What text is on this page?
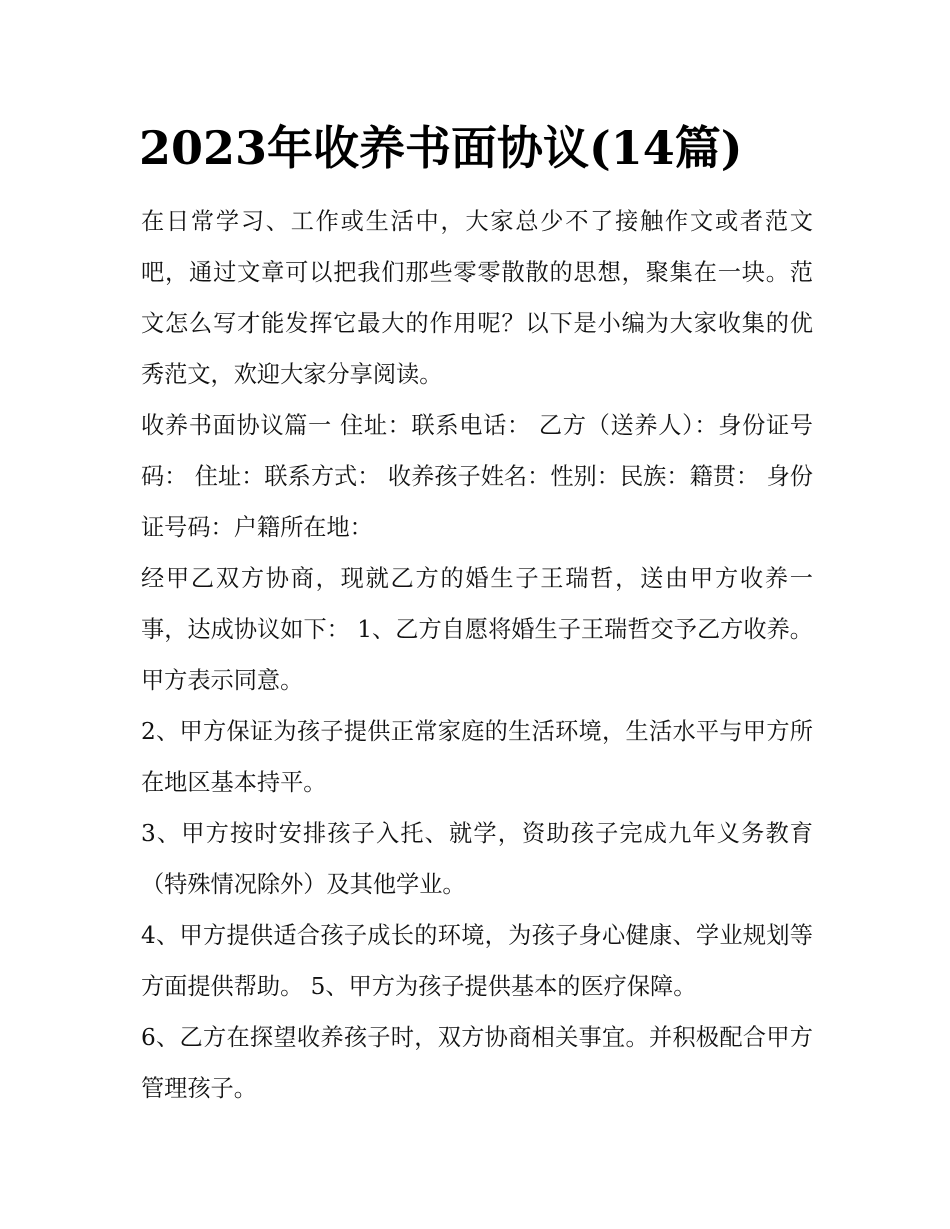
2023年收养书面协议(14篇)

在日常学习、工作或生活中，大家总少不了接触作文或者范文吧，通过文章可以把我们那些零零散散的思想，聚集在一块。范文怎么写才能发挥它最大的作用呢？以下是小编为大家收集的优秀范文，欢迎大家分享阅读。

收养书面协议篇一 住址：联系电话： 乙方（送养人）：身份证号码： 住址：联系方式： 收养孩子姓名：性别：民族：籍贯： 身份证号码：户籍所在地：

经甲乙双方协商，现就乙方的婚生子王瑞哲，送由甲方收养一事，达成协议如下： 1、乙方自愿将婚生子王瑞哲交予乙方收养。甲方表示同意。

2、甲方保证为孩子提供正常家庭的生活环境，生活水平与甲方所在地区基本持平。

3、甲方按时安排孩子入托、就学，资助孩子完成九年义务教育（特殊情况除外）及其他学业。

4、甲方提供适合孩子成长的环境，为孩子身心健康、学业规划等方面提供帮助。 5、甲方为孩子提供基本的医疗保障。

6、乙方在探望收养孩子时，双方协商相关事宜。并积极配合甲方管理孩子。
